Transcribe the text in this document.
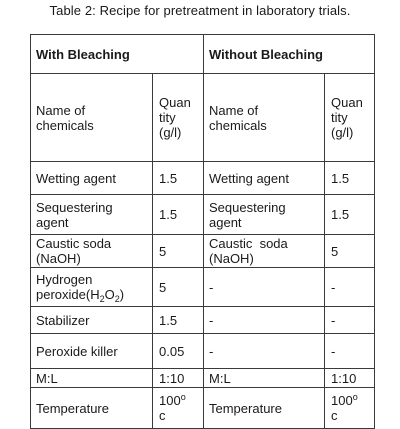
Table 2: Recipe for pretreatment in laboratory trials.
With Bleaching		Without Bleaching	

Name of
chemicals	Quan
tity
(g/l)	Name of
chemicals	Quan
tity
(g/l)

Wetting agent	1.5	Wetting agent	1.5

Sequestering
agent	1.5	Sequestering
agent	1.5

Caustic soda
(NaOH)	5	Caustic  soda
(NaOH)	5

Hydrogen
$peroxide(H_2O_2)$	5	-	-
Stabilizer	1.5	-	-
Peroxide killer	0.05	-	-
M:L	1:10	M:L	1:10
Temperature	100$^o$
c	Temperature	100$^o$
c
